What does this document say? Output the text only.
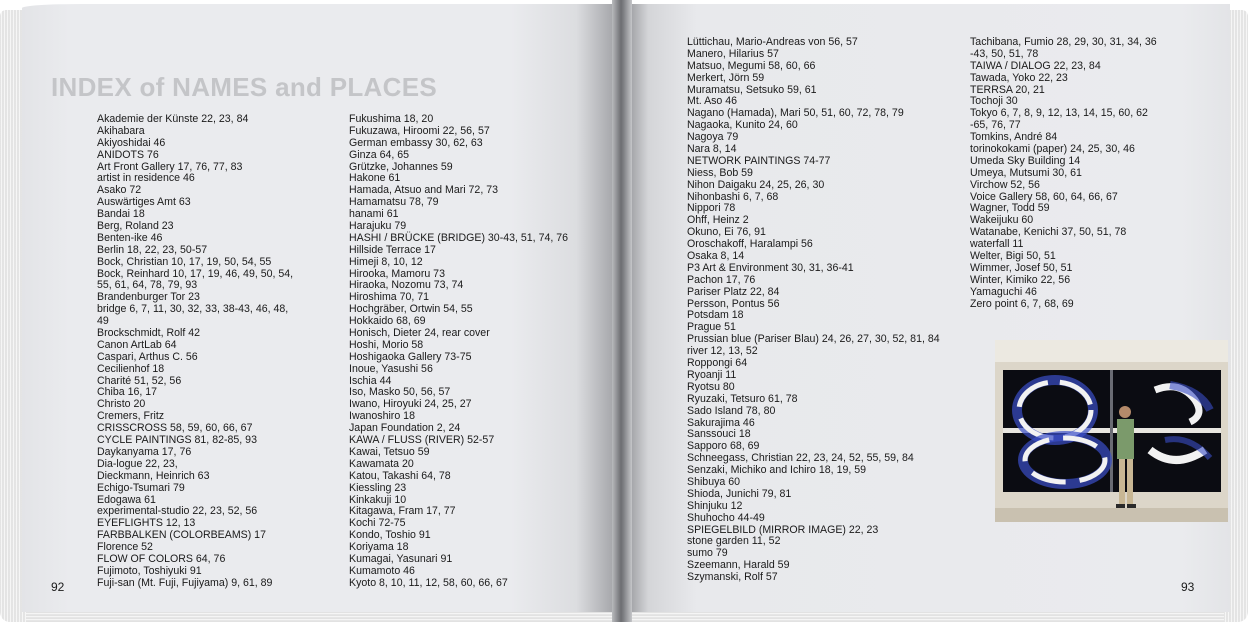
INDEX of NAMES and PLACES
Akademie der Künste 22, 23, 84
Akihabara
Akiyoshidai 46
ANIDOTS 76
Art Front Gallery 17, 76, 77, 83
artist in residence 46
Asako 72
Auswärtiges Amt 63
Bandai 18
Berg, Roland 23
Benten-ike 46
Berlin 18, 22, 23, 50-57
Bock, Christian 10, 17, 19, 50, 54, 55
Bock, Reinhard 10, 17, 19, 46, 49, 50, 54,
55, 61, 64, 78, 79, 93
Brandenburger Tor 23
bridge 6, 7, 11, 30, 32, 33, 38-43, 46, 48,
49
Brockschmidt, Rolf 42
Canon ArtLab 64
Caspari, Arthus C. 56
Cecilienhof 18
Charité 51, 52, 56
Chiba 16, 17
Christo 20
Cremers, Fritz
CRISSCROSS 58, 59, 60, 66, 67
CYCLE PAINTINGS 81, 82-85, 93
Daykanyama 17, 76
Dia-logue 22, 23,
Dieckmann, Heinrich 63
Echigo-Tsumari 79
Edogawa 61
experimental-studio 22, 23, 52, 56
EYEFLIGHTS 12, 13
FARBBALKEN (COLORBEAMS) 17
Florence 52
FLOW OF COLORS 64, 76
Fujimoto, Toshiyuki 91
Fuji-san (Mt. Fuji, Fujiyama) 9, 61, 89
Fukushima 18, 20
Fukuzawa, Hiroomi 22, 56, 57
German embassy 30, 62, 63
Ginza 64, 65
Grützke, Johannes 59
Hakone 61
Hamada, Atsuo and Mari 72, 73
Hamamatsu 78, 79
hanami 61
Harajuku 79
HASHI / BRÜCKE (BRIDGE) 30-43, 51, 74, 76
Hillside Terrace 17
Himeji 8, 10, 12
Hirooka, Mamoru 73
Hiraoka, Nozomu 73, 74
Hiroshima 70, 71
Hochgräber, Ortwin 54, 55
Hokkaido 68, 69
Honisch, Dieter 24, rear cover
Hoshi, Morio 58
Hoshigaoka Gallery 73-75
Inoue, Yasushi 56
Ischia 44
Iso, Masko 50, 56, 57
Iwano, Hiroyuki 24, 25, 27
Iwanoshiro 18
Japan Foundation 2, 24
KAWA / FLUSS (RIVER) 52-57
Kawai, Tetsuo 59
Kawamata 20
Katou, Takashi 64, 78
Kiessling 23
Kinkakuji 10
Kitagawa, Fram 17, 77
Kochi 72-75
Kondo, Toshio 91
Koriyama 18
Kumagai, Yasunari 91
Kumamoto 46
Kyoto 8, 10, 11, 12, 58, 60, 66, 67
Lüttichau, Mario-Andreas von 56, 57
Manero, Hilarius 57
Matsuo, Megumi 58, 60, 66
Merkert, Jörn 59
Muramatsu, Setsuko 59, 61
Mt. Aso 46
Nagano (Hamada), Mari 50, 51, 60, 72, 78, 79
Nagaoka, Kunito 24, 60
Nagoya 79
Nara 8, 14
NETWORK PAINTINGS 74-77
Niess, Bob 59
Nihon Daigaku 24, 25, 26, 30
Nihonbashi 6, 7, 68
Nippori 78
Ohff, Heinz 2
Okuno, Ei 76, 91
Oroschakoff, Haralampi 56
Osaka 8, 14
P3 Art & Environment 30, 31, 36-41
Pachon 17, 76
Pariser Platz 22, 84
Persson, Pontus 56
Potsdam 18
Prague 51
Prussian blue (Pariser Blau) 24, 26, 27, 30, 52, 81, 84
river 12, 13, 52
Roppongi 64
Ryoanji 11
Ryotsu 80
Ryuzaki, Tetsuro 61, 78
Sado Island 78, 80
Sakurajima 46
Sanssouci 18
Sapporo 68, 69
Schneegass, Christian 22, 23, 24, 52, 55, 59, 84
Senzaki, Michiko and Ichiro 18, 19, 59
Shibuya 60
Shioda, Junichi 79, 81
Shinjuku 12
Shuhocho 44-49
SPIEGELBILD (MIRROR IMAGE) 22, 23
stone garden 11, 52
sumo 79
Szeemann, Harald 59
Szymanski, Rolf 57
Tachibana, Fumio 28, 29, 30, 31, 34, 36
-43, 50, 51, 78
TAIWA / DIALOG 22, 23, 84
Tawada, Yoko 22, 23
TERRSA 20, 21
Tochoji 30
Tokyo 6, 7, 8, 9, 12, 13, 14, 15, 60, 62
-65, 76, 77
Tomkins, André 84
torinokokami (paper) 24, 25, 30, 46
Umeda Sky Building 14
Umeya, Mutsumi 30, 61
Virchow 52, 56
Voice Gallery 58, 60, 64, 66, 67
Wagner, Todd 59
Wakeijuku 60
Watanabe, Kenichi 37, 50, 51, 78
waterfall 11
Welter, Bigi 50, 51
Wimmer, Josef 50, 51
Winter, Kimiko 22, 56
Yamaguchi 46
Zero point 6, 7, 68, 69
92	93
